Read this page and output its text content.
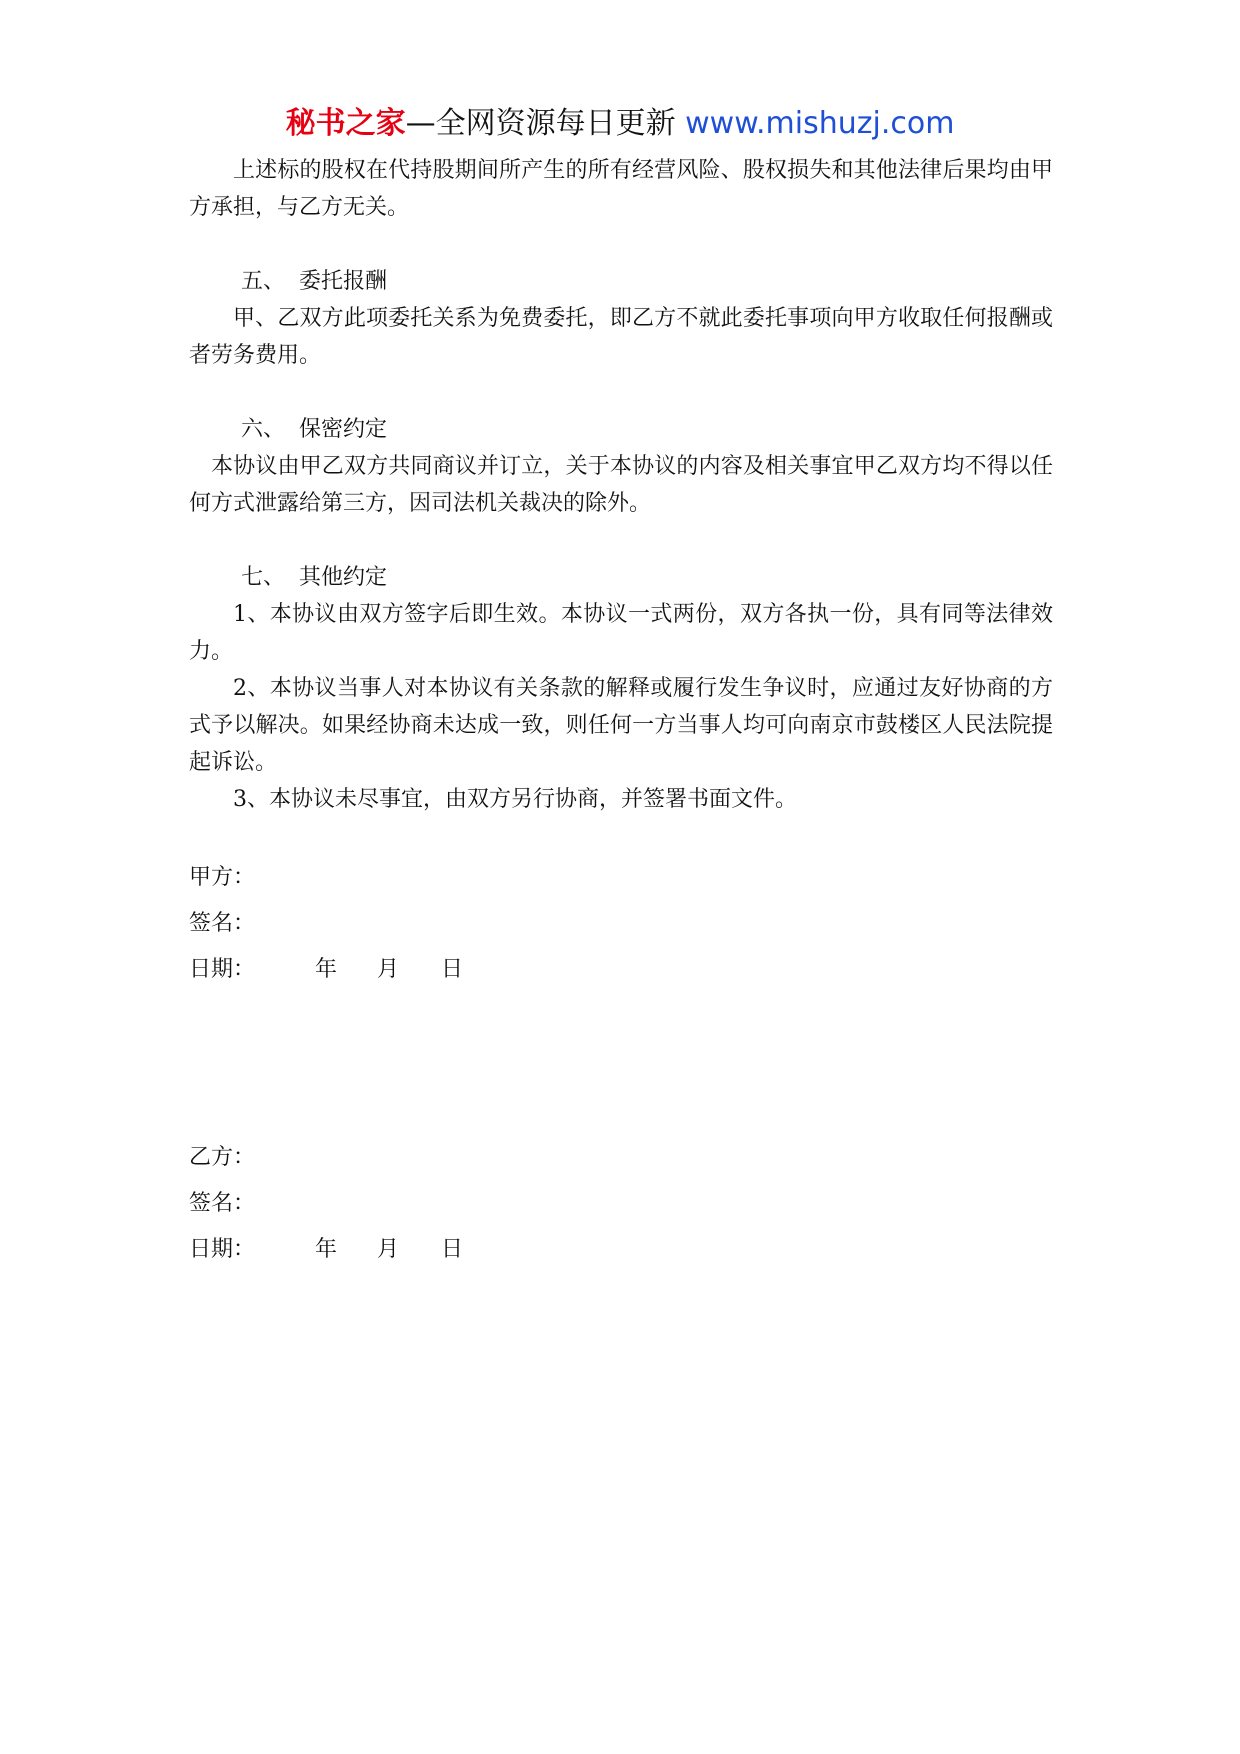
秘书之家—全网资源每日更新 www.mishuzj.com

上述标的股权在代持股期间所产生的所有经营风险、股权损失和其他法律后果均由甲方承担，与乙方无关。

五、 委托报酬

甲、乙双方此项委托关系为免费委托，即乙方不就此委托事项向甲方收取任何报酬或者劳务费用。

六、 保密约定

本协议由甲乙双方共同商议并订立，关于本协议的内容及相关事宜甲乙双方均不得以任何方式泄露给第三方，因司法机关裁决的除外。

七、 其他约定

1、本协议由双方签字后即生效。本协议一式两份，双方各执一份，具有同等法律效力。

2、本协议当事人对本协议有关条款的解释或履行发生争议时，应通过友好协商的方式予以解决。如果经协商未达成一致，则任何一方当事人均可向南京市鼓楼区人民法院提起诉讼。

3、本协议未尽事宜，由双方另行协商，并签署书面文件。

甲方：
签名：
日期：	年 月 日
乙方：
签名：
日期：	年 月 日
